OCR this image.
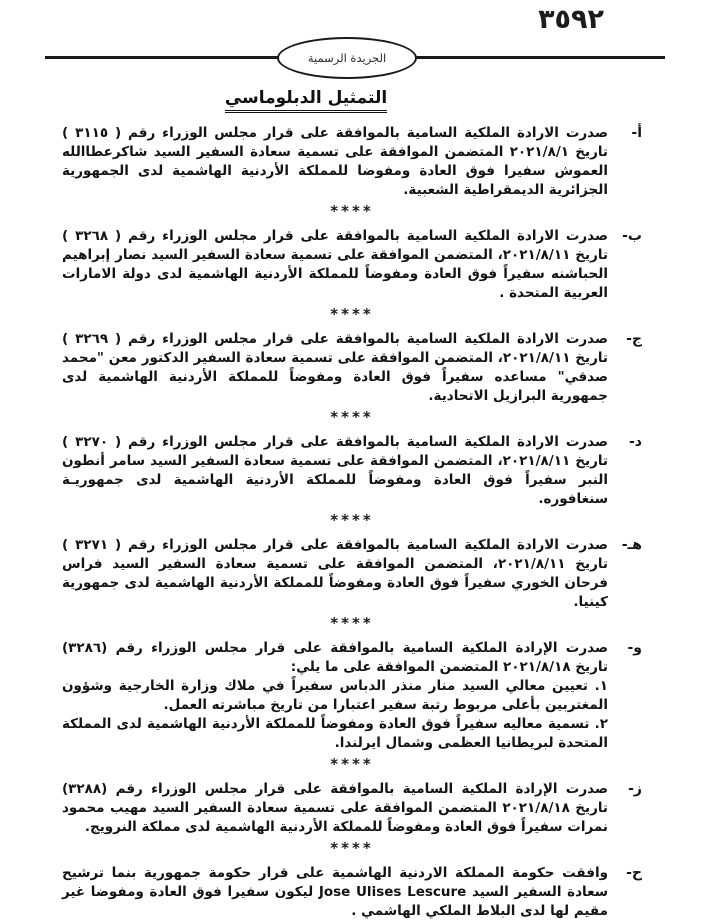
٣٥٩٢
الجريدة الرسمية
التمثيل الدبلوماسي
أ-

صدرت الارادة الملكية السامية بالموافقة على قرار مجلس الوزراء رقم ( ٣١١٥ ) تاريخ ٢٠٢١/٨/١ المتضمن الموافقة على تسمية سعادة السفير السيد شاكرعطاالله العموش سفيرا فوق العادة ومفوضا للمملكة الأردنية الهاشمية لدى الجمهورية الجزائرية الديمقراطية الشعبية.

****
ب-

صدرت الارادة الملكية السامية بالموافقة على قرار مجلس الوزراء رقم ( ٣٢٦٨ ) تاريخ ٢٠٢١/٨/١١، المتضمن الموافقة على تسمية سعادة السفير السيد نصار إبراهيم الحباشنه سفيراً فوق العادة ومفوضاً للمملكة الأردنية الهاشمية لدى دولة الامارات العربية المتحدة .

****
ج-

صدرت الارادة الملكية السامية بالموافقة على قرار مجلس الوزراء رقم ( ٣٢٦٩ ) تاريخ ٢٠٢١/٨/١١، المتضمن الموافقة على تسمية سعادة السفير الدكتور معن "محمد صدقي" مساعده سفيراً فوق العادة ومفوضاً للمملكة الأردنية الهاشمية لدى جمهورية البرازيل الاتحادية.

****
د-

صدرت الارادة الملكية السامية بالموافقة على قرار مجلس الوزراء رقم ( ٣٢٧٠ ) تاريخ ٢٠٢١/٨/١١، المتضمن الموافقة على تسمية سعادة السفير السيد سامر أنطون النبر سفيراً فوق العادة ومفوضاً للمملكة الأردنية الهاشمية لدى جمهوريـة سنغافوره.

****
هـ-

صدرت الارادة الملكية السامية بالموافقة على قرار مجلس الوزراء رقم ( ٣٢٧١ ) تاريخ ٢٠٢١/٨/١١، المتضمن الموافقة على تسمية سعادة السفير السيد فراس فرحان الخوري سفيراً فوق العادة ومفوضاً للمملكة الأردنية الهاشمية لدى جمهورية كينيا.

****
و-

صدرت الإرادة الملكية السامية بالموافقة على قرار مجلس الوزراء رقم (٣٢٨٦) تاريخ ٢٠٢١/٨/١٨ المتضمن الموافقة على ما يلي:

١. تعيين معالي السيد منار منذر الدباس سفيراً في ملاك وزارة الخارجية وشؤون المغتربين بأعلى مربوط رتبة سفير اعتبارا من تاريخ مباشرته العمل.

٢. تسمية معاليه سفيراً فوق العادة ومفوضاً للمملكة الأردنية الهاشمية لدى المملكة المتحدة لبريطانيا العظمى وشمال ايرلندا.

****
ز-

صدرت الإرادة الملكية السامية بالموافقة على قرار مجلس الوزراء رقم (٣٢٨٨) تاريخ ٢٠٢١/٨/١٨ المتضمن الموافقة على تسمية سعادة السفير السيد مهيب محمود نمرات سفيراً فوق العادة ومفوضاً للمملكة الأردنية الهاشمية لدى مملكة النرويج.

****
ح-

وافقت حكومة المملكة الاردنية الهاشمية على قرار حكومة جمهورية بنما ترشيح سعادة السفير السيد Jose Ulises Lescure ليكون سفيرا فوق العادة ومفوضا غير مقيم لها لدى البلاط الملكي الهاشمي .
